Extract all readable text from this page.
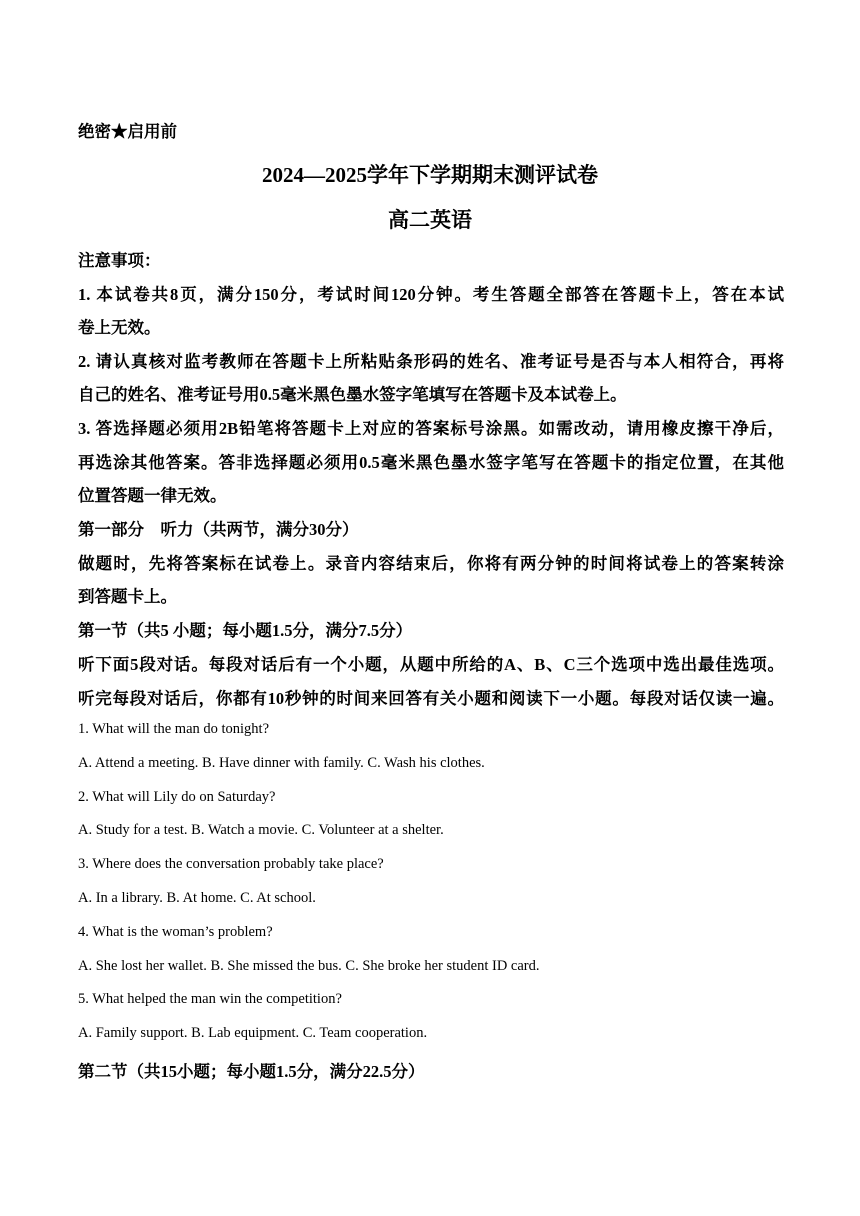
绝密★启用前
2024—2025学年下学期期末测评试卷
高二英语
注意事项：
1. 本试卷共8页，满分150分，考试时间120分钟。考生答题全部答在答题卡上，答在本试
卷上无效。
2. 请认真核对监考教师在答题卡上所粘贴条形码的姓名、准考证号是否与本人相符合，再将
自己的姓名、准考证号用0.5毫米黑色墨水签字笔填写在答题卡及本试卷上。
3. 答选择题必须用2B铅笔将答题卡上对应的答案标号涂黑。如需改动，请用橡皮擦干净后，
再选涂其他答案。答非选择题必须用0.5毫米黑色墨水签字笔写在答题卡的指定位置，在其他
位置答题一律无效。
第一部分　听力（共两节，满分30分）
做题时，先将答案标在试卷上。录音内容结束后，你将有两分钟的时间将试卷上的答案转涂
到答题卡上。
第一节（共5 小题；每小题1.5分，满分7.5分）
听下面5段对话。每段对话后有一个小题，从题中所给的A、B、C三个选项中选出最佳选项。
听完每段对话后，你都有10秒钟的时间来回答有关小题和阅读下一小题。每段对话仅读一遍。
1. What will the man do tonight?
A. Attend a meeting. B. Have dinner with family. C. Wash his clothes.
2. What will Lily do on Saturday?
A. Study for a test. B. Watch a movie. C. Volunteer at a shelter.
3. Where does the conversation probably take place?
A. In a library. B. At home. C. At school.
4. What is the woman’s problem?
A. She lost her wallet. B. She missed the bus. C. She broke her student ID card.
5. What helped the man win the competition?
A. Family support. B. Lab equipment. C. Team cooperation.
第二节（共15小题；每小题1.5分，满分22.5分）
